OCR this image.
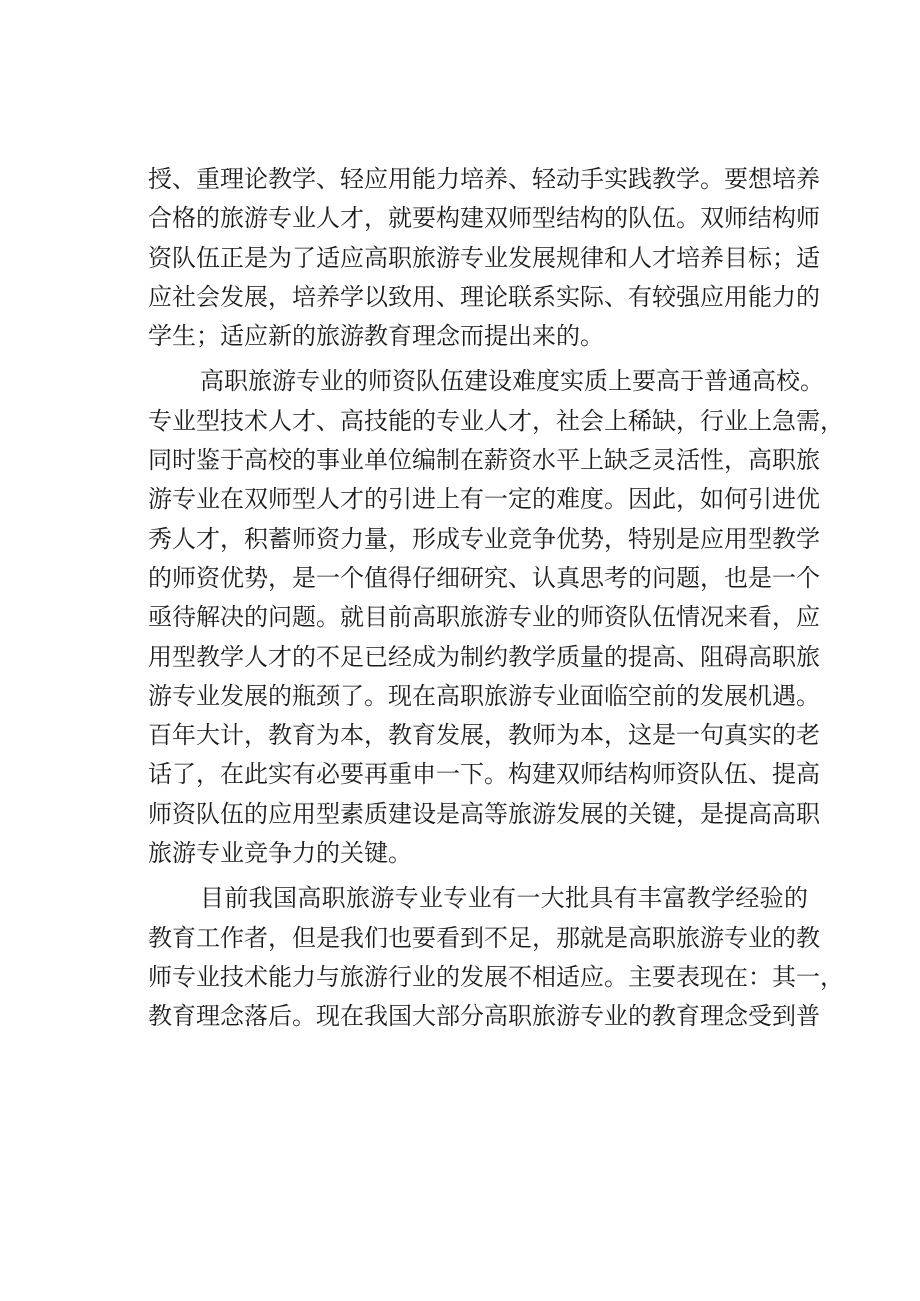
授、重理论教学、轻应用能力培养、轻动手实践教学。要想培养
合格的旅游专业人才，就要构建双师型结构的队伍。双师结构师
资队伍正是为了适应高职旅游专业发展规律和人才培养目标；适
应社会发展，培养学以致用、理论联系实际、有较强应用能力的
学生；适应新的旅游教育理念而提出来的。
高职旅游专业的师资队伍建设难度实质上要高于普通高校。
专业型技术人才、高技能的专业人才，社会上稀缺，行业上急需，
同时鉴于高校的事业单位编制在薪资水平上缺乏灵活性，高职旅
游专业在双师型人才的引进上有一定的难度。因此，如何引进优
秀人才，积蓄师资力量，形成专业竞争优势，特别是应用型教学
的师资优势，是一个值得仔细研究、认真思考的问题，也是一个
亟待解决的问题。就目前高职旅游专业的师资队伍情况来看，应
用型教学人才的不足已经成为制约教学质量的提高、阻碍高职旅
游专业发展的瓶颈了。现在高职旅游专业面临空前的发展机遇。
百年大计，教育为本，教育发展，教师为本，这是一句真实的老
话了，在此实有必要再重申一下。构建双师结构师资队伍、提高
师资队伍的应用型素质建设是高等旅游发展的关键，是提高高职
旅游专业竞争力的关键。
目前我国高职旅游专业专业有一大批具有丰富教学经验的
教育工作者，但是我们也要看到不足，那就是高职旅游专业的教
师专业技术能力与旅游行业的发展不相适应。主要表现在：其一，
教育理念落后。现在我国大部分高职旅游专业的教育理念受到普
